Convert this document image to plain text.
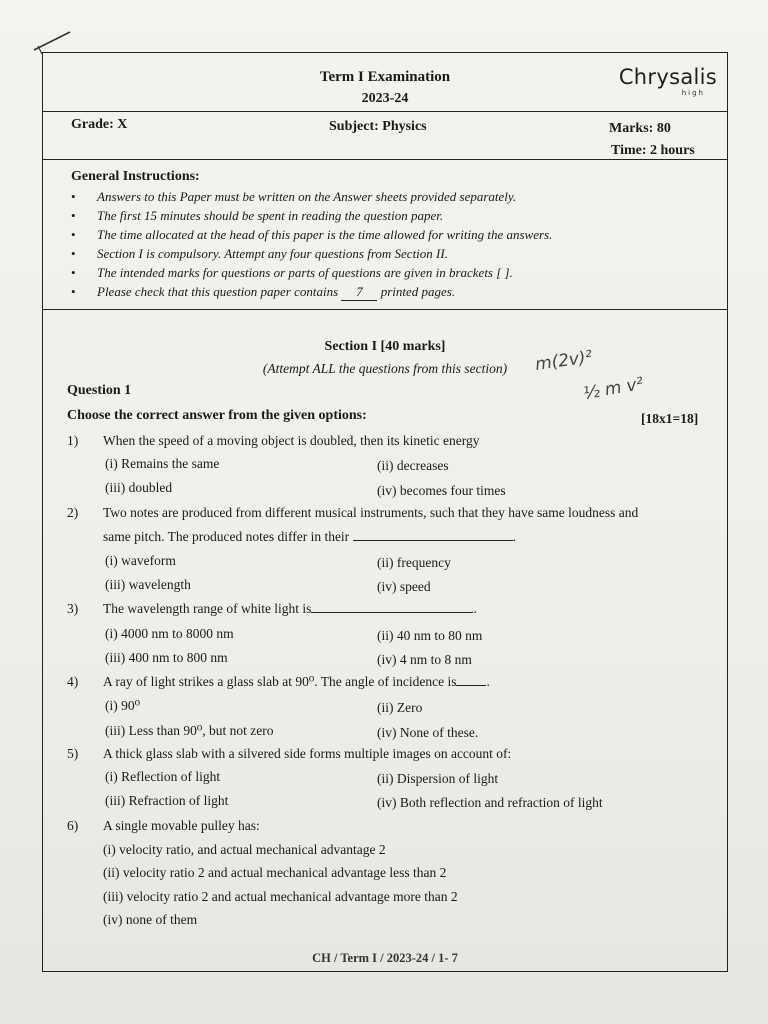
Term I Examination
2023-24
Chrysalis
high
Grade: X	Subject: Physics	Marks: 80
Time: 2 hours
General Instructions:
• Answers to this Paper must be written on the Answer sheets provided separately.
• The first 15 minutes should be spent in reading the question paper.
• The time allocated at the head of this paper is the time allowed for writing the answers.
• Section I is compulsory. Attempt any four questions from Section II.
• The intended marks for questions or parts of questions are given in brackets [ ].
• Please check that this question paper contains 7 printed pages.
Section I [40 marks]
(Attempt ALL the questions from this section)	m(2v)²
½ m v²
Question 1
Choose the correct answer from the given options:	[18x1=18]
1) When the speed of a moving object is doubled, then its kinetic energy
(i) Remains the same	(ii) decreases
(iii) doubled	(iv) becomes four times
2) Two notes are produced from different musical instruments, such that they have same loudness and
same pitch. The produced notes differ in their	.
(i) waveform	(ii) frequency
(iii) wavelength	(iv) speed
3) The wavelength range of white light is	.
(i) 4000 nm to 8000 nm	(ii) 40 nm to 80 nm
(iii) 400 nm to 800 nm	(iv) 4 nm to 8 nm
4) A ray of light strikes a glass slab at 90⁰. The angle of incidence is .
(i) 90⁰	(ii) Zero
(iii) Less than 90⁰, but not zero	(iv) None of these.
5) A thick glass slab with a silvered side forms multiple images on account of:
(i) Reflection of light	(ii) Dispersion of light
(iii) Refraction of light	(iv) Both reflection and refraction of light
6) A single movable pulley has:
(i) velocity ratio, and actual mechanical advantage 2
(ii) velocity ratio 2 and actual mechanical advantage less than 2
(iii) velocity ratio 2 and actual mechanical advantage more than 2
(iv) none of them
CH / Term I / 2023-24 / 1- 7
